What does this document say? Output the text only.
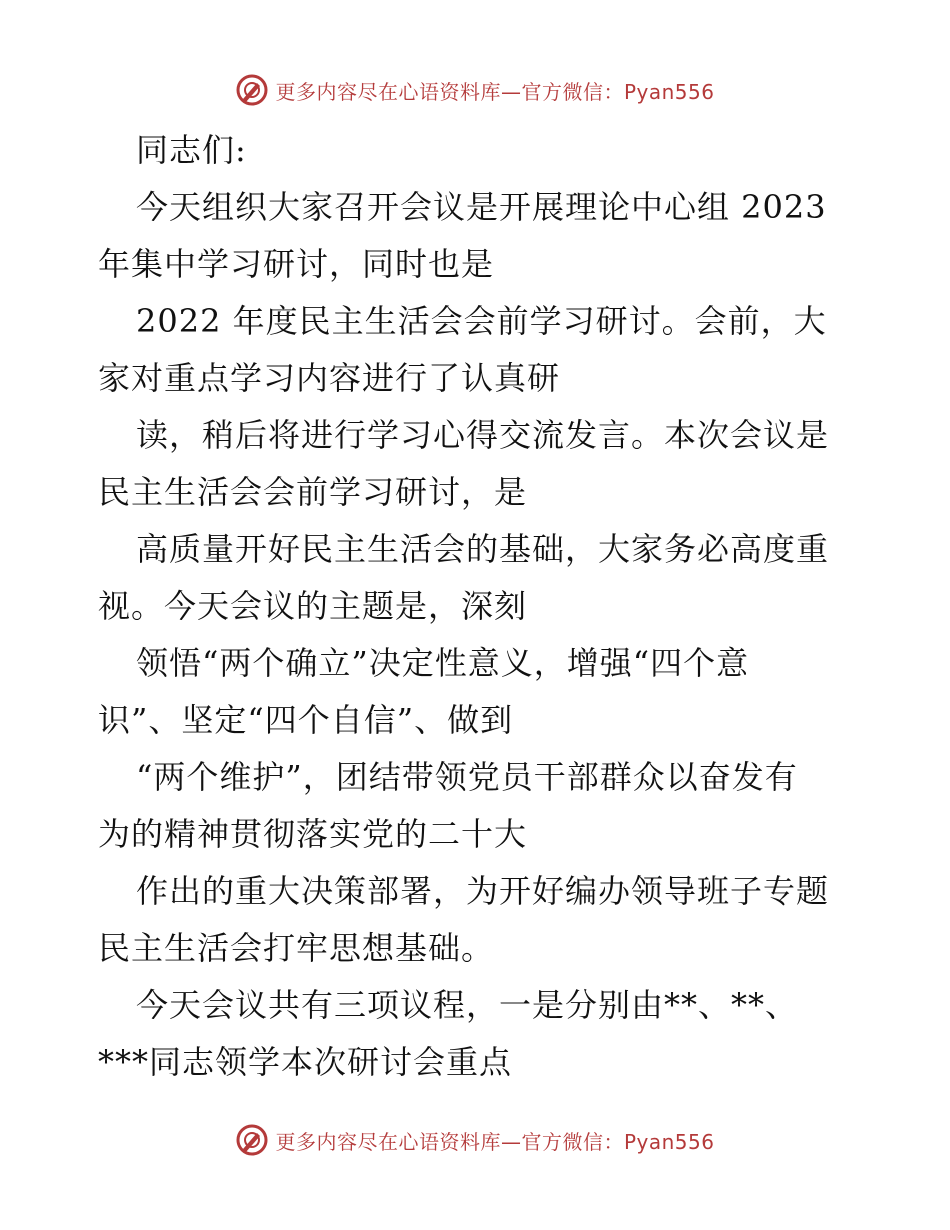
更多内容尽在心语资料库—官方微信：Pyan556
同志们:
今天组织大家召开会议是开展理论中心组 2023
年集中学习研讨，同时也是
2022 年度民主生活会会前学习研讨。会前，大
家对重点学习内容进行了认真研
读，稍后将进行学习心得交流发言。本次会议是
民主生活会会前学习研讨，是
高质量开好民主生活会的基础，大家务必高度重
视。今天会议的主题是，深刻
领悟“两个确立”决定性意义，增强“四个意
识”、坚定“四个自信”、做到
“两个维护”，团结带领党员干部群众以奋发有
为的精神贯彻落实党的二十大
作出的重大决策部署，为开好编办领导班子专题
民主生活会打牢思想基础。
今天会议共有三项议程，一是分别由**、**、
***同志领学本次研讨会重点
更多内容尽在心语资料库—官方微信：Pyan556
